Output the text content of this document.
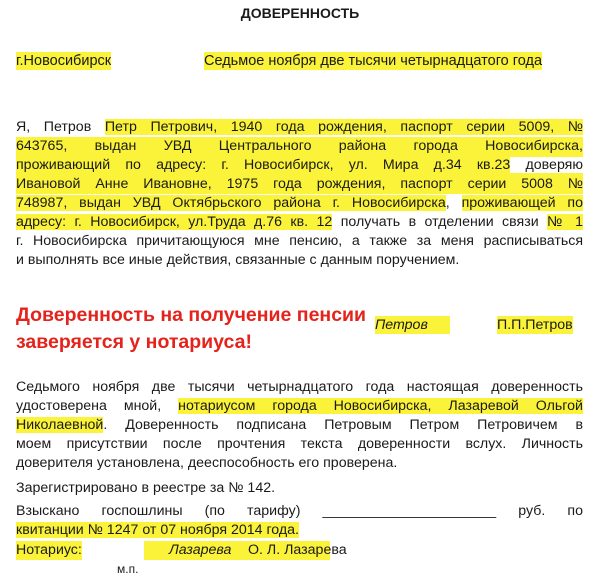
ДОВЕРЕННОСТЬ
г.Новосибирск	Седьмое ноября две тысячи четырнадцатого года
Я, Петров Петр Петрович, 1940 года рождения, паспорт серии 5009, №
643765, выдан УВД Центрального района города Новосибирска,
проживающий по адресу: г. Новосибирск, ул. Мира д.34 кв.23 доверяю
Ивановой Анне Ивановне, 1975 года рождения, паспорт серии 5008 №
748987, выдан УВД Октябрьского района г. Новосибирска, проживающей по
адресу: г. Новосибирск, ул.Труда д.76 кв. 12 получать в отделении связи № 1
г. Новосибирска причитающуюся мне пенсию, а также за меня расписываться
и выполнять все иные действия, связанные с данным поручением.
Доверенность на получение пенсии
заверяется у нотариуса!
Петров	П.П.Петров
Седьмого ноября две тысячи четырнадцатого года настоящая доверенность
удостоверена мной, нотариусом города Новосибирска, Лазаревой Ольгой
Николаевной. Доверенность подписана Петровым Петром Петровичем в
моем присутствии после прочтения текста доверенности вслух. Личность
доверителя установлена, дееспособность его проверена.
Зарегистрировано в реестре за № 142.
Взыскано госпошлины (по тарифу) ______________________ руб. по
квитанции № 1247 от 07 ноября 2014 года.
Нотариус:	Лазарева О. Л. Лазарева
м.п.
